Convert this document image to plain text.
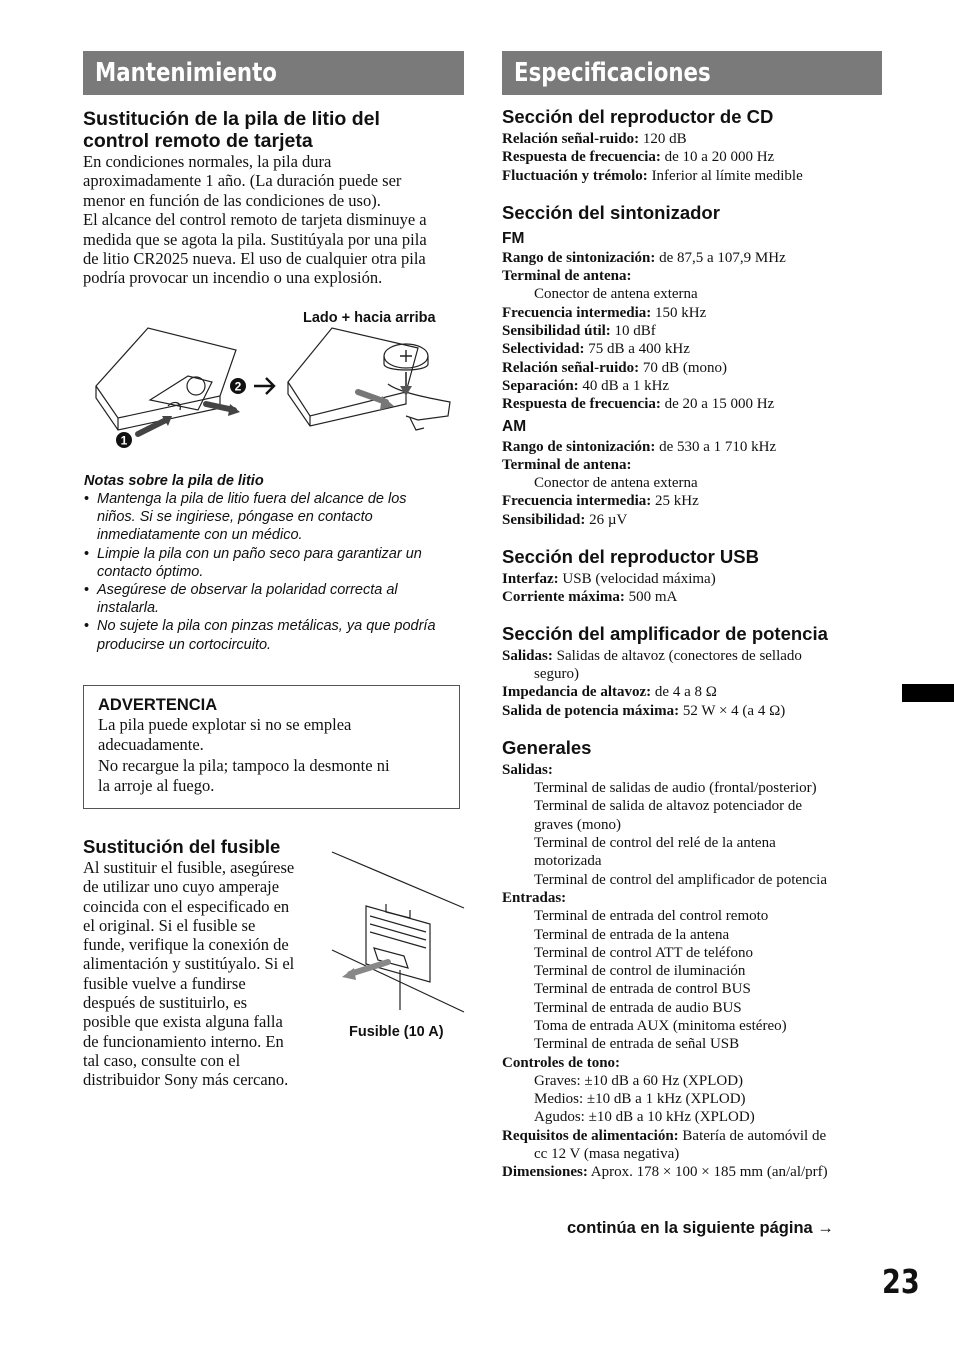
Mantenimiento	Especificaciones
Sustitución de la pila de litio del
control remoto de tarjeta

En condiciones normales, la pila dura
aproximadamente 1 año. (La duración puede ser
menor en función de las condiciones de uso).

El alcance del control remoto de tarjeta disminuye a
medida que se agota la pila. Sustitúyala por una pila
de litio CR2025 nueva. El uso de cualquier otra pila
podría provocar un incendio o una explosión.

Lado + hacia arriba
1
2

Notas sobre la pila de litio

• Mantenga la pila de litio fuera del alcance de los
niños. Si se ingiriese, póngase en contacto
inmediatamente con un médico.
• Limpie la pila con un paño seco para garantizar un
contacto óptimo.
• Asegúrese de observar la polaridad correcta al
instalarla.
• No sujete la pila con pinzas metálicas, ya que podría
producirse un cortocircuito.

ADVERTENCIA

La pila puede explotar si no se emplea
adecuadamente.
No recargue la pila; tampoco la desmonte ni
la arroje al fuego.

Sustitución del fusible

Al sustituir el fusible, asegúrese
de utilizar uno cuyo amperaje
coincida con el especificado en
el original. Si el fusible se
funde, verifique la conexión de
alimentación y sustitúyalo. Si el
fusible vuelve a fundirse
después de sustituirlo, es
posible que exista alguna falla
de funcionamiento interno. En
tal caso, consulte con el
distribuidor Sony más cercano.

Fusible (10 A)
Sección del reproductor de CD

Relación señal-ruido: 120 dB

Respuesta de frecuencia: de 10 a 20 000 Hz

Fluctuación y trémolo: Inferior al límite medible

Sección del sintonizador
FM

Rango de sintonización: de 87,5 a 107,9 MHz

Terminal de antena:

Conector de antena externa

Frecuencia intermedia: 150 kHz

Sensibilidad útil: 10 dBf

Selectividad: 75 dB a 400 kHz

Relación señal-ruido: 70 dB (mono)

Separación: 40 dB a 1 kHz

Respuesta de frecuencia: de 20 a 15 000 Hz

AM

Rango de sintonización: de 530 a 1 710 kHz

Terminal de antena:

Conector de antena externa

Frecuencia intermedia: 25 kHz

Sensibilidad: 26 µV

Sección del reproductor USB

Interfaz: USB (velocidad máxima)

Corriente máxima: 500 mA

Sección del amplificador de potencia

Salidas: Salidas de altavoz (conectores de sellado

seguro)

Impedancia de altavoz: de 4 a 8 Ω

Salida de potencia máxima: 52 W × 4 (a 4 Ω)

Generales

Salidas:

Terminal de salidas de audio (frontal/posterior)

Terminal de salida de altavoz potenciador de

graves (mono)

Terminal de control del relé de la antena

motorizada

Terminal de control del amplificador de potencia

Entradas:

Terminal de entrada del control remoto

Terminal de entrada de la antena

Terminal de control ATT de teléfono

Terminal de control de iluminación

Terminal de entrada de control BUS

Terminal de entrada de audio BUS

Toma de entrada AUX (minitoma estéreo)

Terminal de entrada de señal USB

Controles de tono:

Graves: ±10 dB a 60 Hz (XPLOD)

Medios: ±10 dB a 1 kHz (XPLOD)

Agudos: ±10 dB a 10 kHz (XPLOD)

Requisitos de alimentación: Batería de automóvil de

cc 12 V (masa negativa)

Dimensiones: Aprox. 178 × 100 × 185 mm (an/al/prf)

continúa en la siguiente página →
23
